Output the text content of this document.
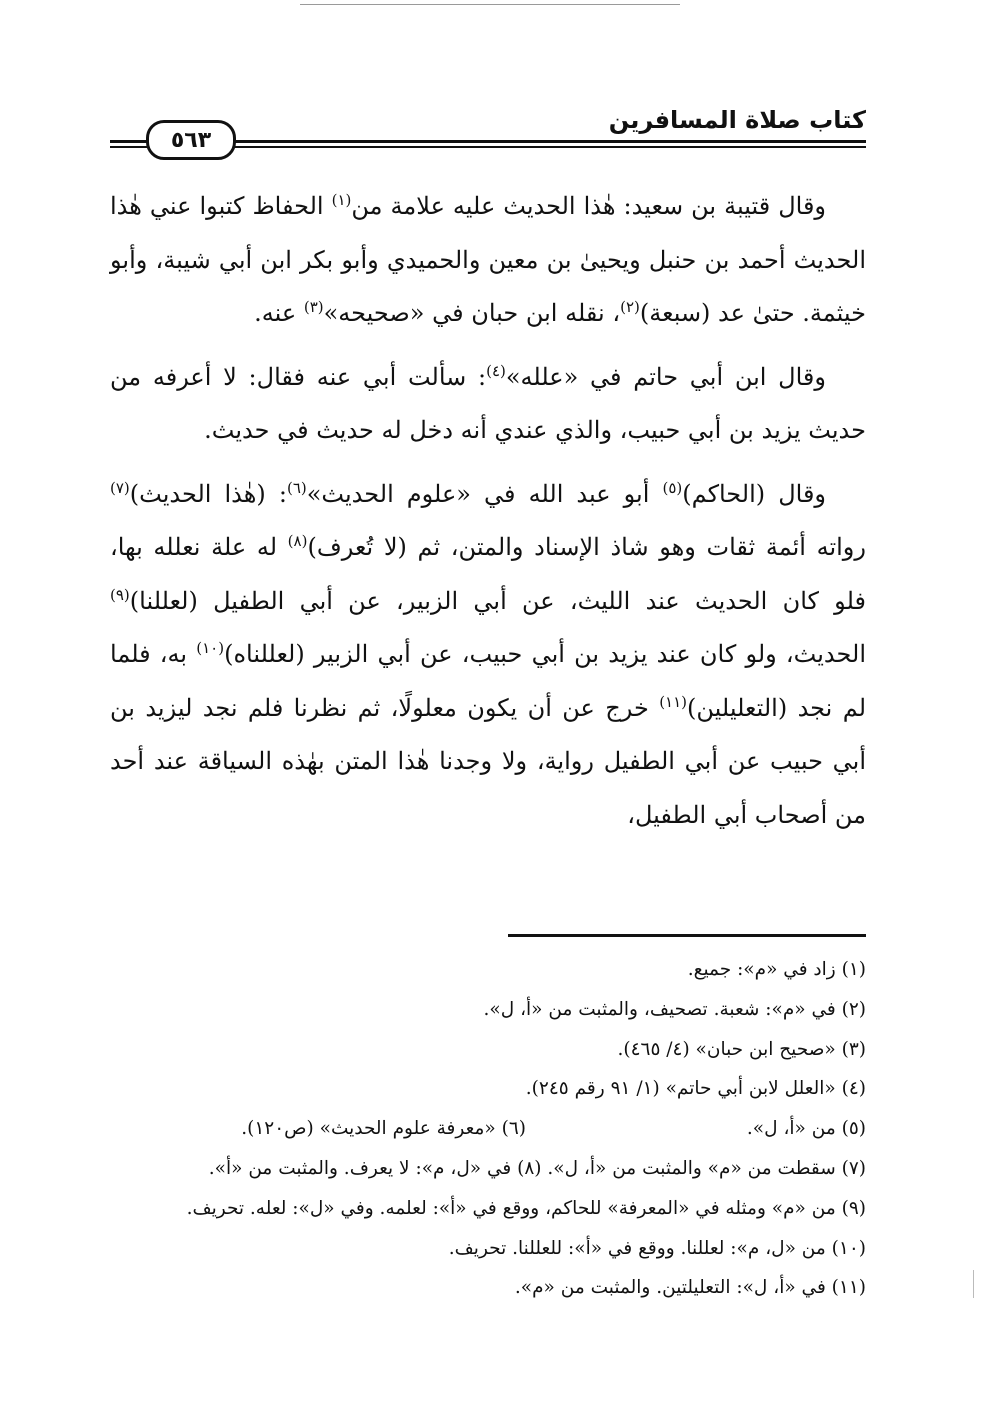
كتاب صلاة المسافرين
٥٦٣

وقال قتيبة بن سعيد: هٰذا الحديث عليه علامة من$^{(١)}$ الحفاظ كتبوا عني هٰذا الحديث أحمد بن حنبل ويحيىٰ بن معين والحميدي وأبو بكر ابن أبي شيبة، وأبو خيثمة. حتىٰ عد (سبعة)$^{(٢)}$، نقله ابن حبان في «صحيحه»$^{(٣)}$ عنه.

وقال ابن أبي حاتم في «علله»$^{(٤)}$: سألت أبي عنه فقال: لا أعرفه من حديث يزيد بن أبي حبيب، والذي عندي أنه دخل له حديث في حديث.

وقال (الحاكم)$^{(٥)}$ أبو عبد الله في «علوم الحديث»$^{(٦)}$: (هٰذا الحديث)$^{(٧)}$ رواته أئمة ثقات وهو شاذ الإسناد والمتن، ثم (لا تُعرف)$^{(٨)}$ له علة نعلله بها، فلو كان الحديث عند الليث، عن أبي الزبير، عن أبي الطفيل (لعللنا)$^{(٩)}$ الحديث، ولو كان عند يزيد بن أبي حبيب، عن أبي الزبير (لعللناه)$^{(١٠)}$ به، فلما لم نجد (التعليلين)$^{(١١)}$ خرج عن أن يكون معلولًا، ثم نظرنا فلم نجد ليزيد بن أبي حبيب عن أبي الطفيل رواية، ولا وجدنا هٰذا المتن بهٰذه السياقة عند أحد من أصحاب أبي الطفيل،

(١) زاد في «م»: جميع.

(٢) في «م»: شعبة. تصحيف، والمثبت من «أ، ل».

(٣) «صحيح ابن حبان» (٤/ ٤٦٥).

(٤) «العلل لابن أبي حاتم» (١/ ٩١ رقم ٢٤٥).

(٥) من «أ، ل».

(٦) «معرفة علوم الحديث» (ص١٢٠).

(٧) سقطت من «م» والمثبت من «أ، ل». (٨) في «ل، م»: لا يعرف. والمثبت من «أ».

(٩) من «م» ومثله في «المعرفة» للحاكم، ووقع في «أ»: لعلمه. وفي «ل»: لعله. تحريف.

(١٠) من «ل، م»: لعللنا. ووقع في «أ»: للعللنا. تحريف.

(١١) في «أ، ل»: التعليلتين. والمثبت من «م».
